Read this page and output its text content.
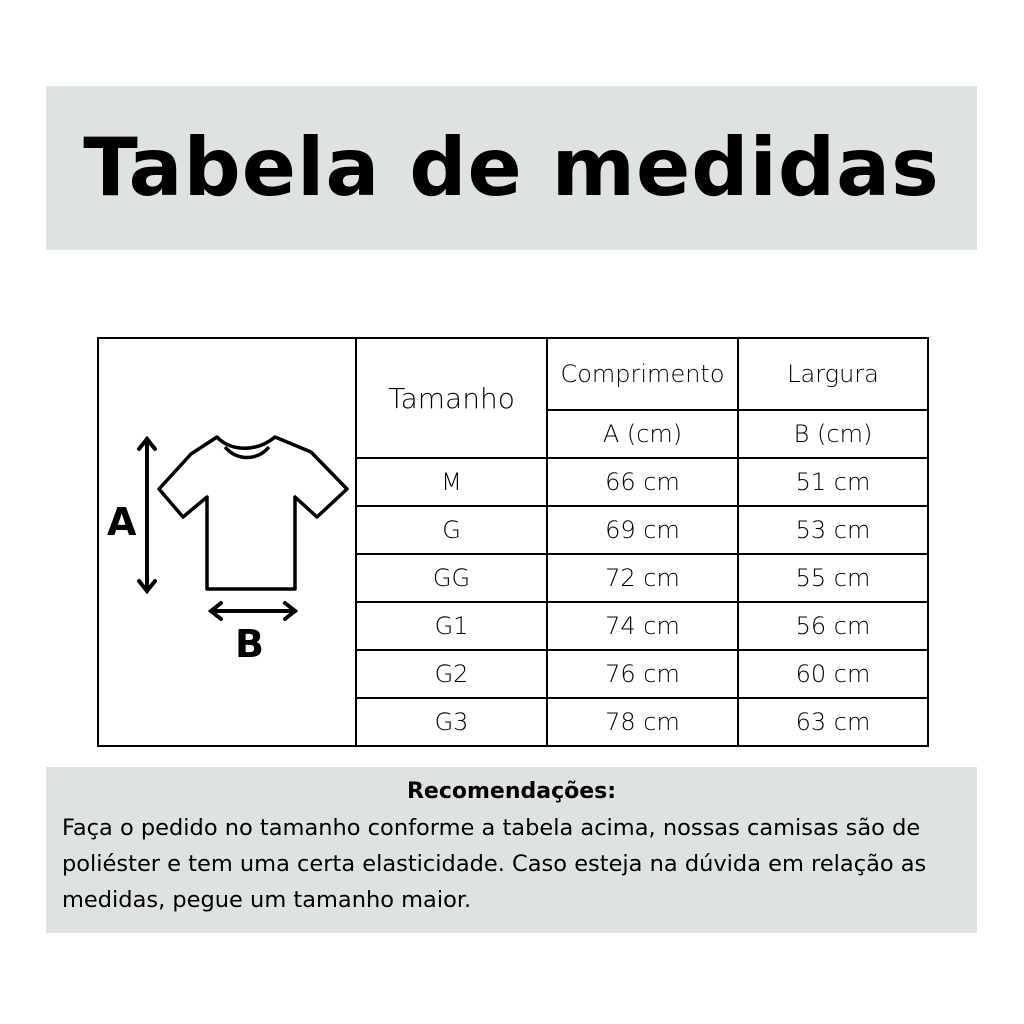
Tabela de medidas
A
B	Tamanho	Comprimento	Largura
		A (cm)	B (cm)
	M	66 cm	51 cm
	G	69 cm	53 cm
	GG	72 cm	55 cm
	G1	74 cm	56 cm
	G2	76 cm	60 cm
	G3	78 cm	63 cm
Recomendações:

Faça o pedido no tamanho conforme a tabela acima, nossas camisas são de poliéster e tem uma certa elasticidade. Caso esteja na dúvida em relação as medidas, pegue um tamanho maior.
